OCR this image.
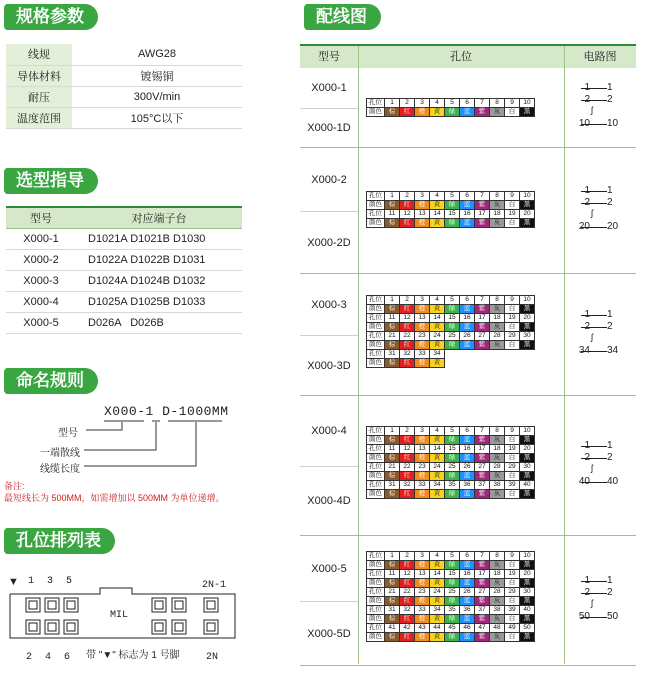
规格参数
选型指导
命名规则
孔位排列表
配线图
线规	AWG28
导体材料	镀锡铜
耐压	300V/min
温度范围	105°C以下
型号	对应端子台
X000-1	D1021A D1021B D1030
X000-2	D1022A D1022B D1031
X000-3	D1024A D1024B D1032
X000-4	D1025A D1025B D1033
X000-5	D026A   D026B
X000-1 D-1000MM
型号
一端散线
线缆长度
备注:
最短线长为 500MM，如需增加以 500MM 为单位递增。
▼ 1 3 5	2N-1
MIL
2 4 6	2N
带 "▼" 标志为 1 号脚
型号	孔位	电路图
X000-1
X000-1D
孔位	1	2	3	4	5	6	7	8	9	10
颜色	棕	红	橙	黄	绿	蓝	紫	灰	白	黑
1 1
2 2
ʃ
10 10
X000-2
X000-2D
孔位	1	2	3	4	5	6	7	8	9	10
颜色	棕	红	橙	黄	绿	蓝	紫	灰	白	黑
孔位	11	12	13	14	15	16	17	18	19	20
颜色	棕	红	橙	黄	绿	蓝	紫	灰	白	黑
1 1
2 2
ʃ
20 20
X000-3
X000-3D
孔位	1	2	3	4	5	6	7	8	9	10
颜色	棕	红	橙	黄	绿	蓝	紫	灰	白	黑
孔位	11	12	13	14	15	16	17	18	19	20
颜色	棕	红	橙	黄	绿	蓝	紫	灰	白	黑
孔位	21	22	23	24	25	26	27	28	29	30
颜色	棕	红	橙	黄	绿	蓝	紫	灰	白	黑
孔位	31	32	33	34						
颜色	棕	红	橙	黄						
1 1
2 2
ʃ
34 34
X000-4
X000-4D
孔位	1	2	3	4	5	6	7	8	9	10
颜色	棕	红	橙	黄	绿	蓝	紫	灰	白	黑
孔位	11	12	13	14	15	16	17	18	19	20
颜色	棕	红	橙	黄	绿	蓝	紫	灰	白	黑
孔位	21	22	23	24	25	26	27	28	29	30
颜色	棕	红	橙	黄	绿	蓝	紫	灰	白	黑
孔位	31	32	33	34	35	36	37	38	39	40
颜色	棕	红	橙	黄	绿	蓝	紫	灰	白	黑
1 1
2 2
ʃ
40 40
X000-5
X000-5D
孔位	1	2	3	4	5	6	7	8	9	10
颜色	棕	红	橙	黄	绿	蓝	紫	灰	白	黑
孔位	11	12	13	14	15	16	17	18	19	20
颜色	棕	红	橙	黄	绿	蓝	紫	灰	白	黑
孔位	21	22	23	24	25	26	27	28	29	30
颜色	棕	红	橙	黄	绿	蓝	紫	灰	白	黑
孔位	31	32	33	34	35	36	37	38	39	40
颜色	棕	红	橙	黄	绿	蓝	紫	灰	白	黑
孔位	41	42	43	44	45	46	47	48	49	50
颜色	棕	红	橙	黄	绿	蓝	紫	灰	白	黑
1 1
2 2
ʃ
50 50
